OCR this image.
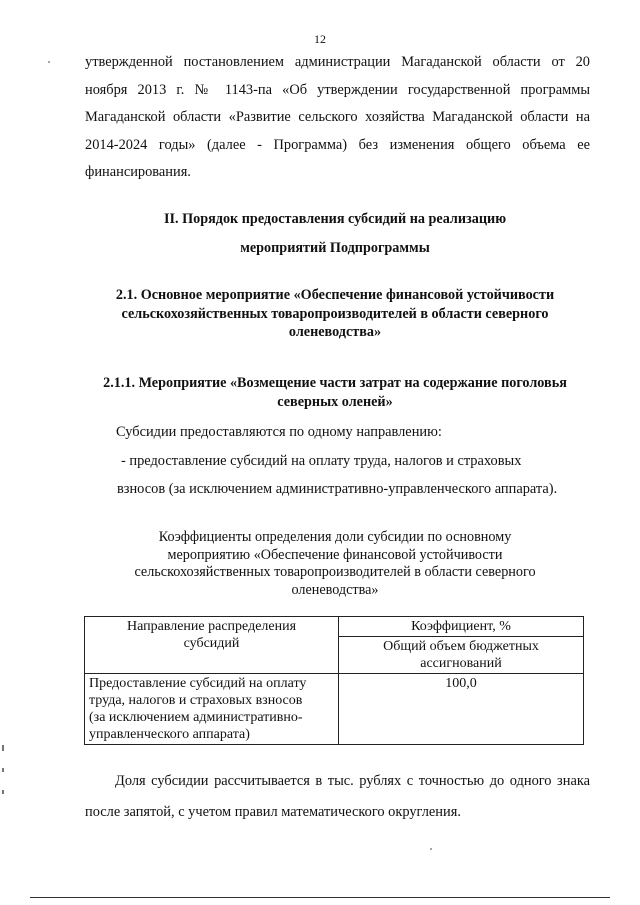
12

утвержденной постановлением администрации Магаданской области от 20 ноября 2013 г. № 1143-па «Об утверждении государственной программы Магаданской области «Развитие сельского хозяйства Магаданской области на 2014-2024 годы» (далее - Программа) без изменения общего объема ее финансирования.

II. Порядок предоставления субсидий на реализацию
мероприятий Подпрограммы
2.1. Основное мероприятие «Обеспечение финансовой устойчивости
сельскохозяйственных товаропроизводителей в области северного
оленеводства»
2.1.1. Мероприятие «Возмещение части затрат на содержание поголовья
северных оленей»

Субсидии предоставляются по одному направлению:

- предоставление субсидий на оплату труда, налогов и страховых

взносов (за исключением административно-управленческого аппарата).

Коэффициенты определения доли субсидии по основному
мероприятию «Обеспечение финансовой устойчивости
сельскохозяйственных товаропроизводителей в области северного
оленеводства»
Направление распределения
субсидий	Коэффициент, %

	Общий объем бюджетных
ассигнований

Предоставление субсидий на оплату
труда, налогов и страховых взносов
(за исключением административно-
управленческого аппарата)	100,0

Доля субсидии рассчитывается в тыс. рублях с точностью до одного знака после запятой, с учетом правил математического округления.
